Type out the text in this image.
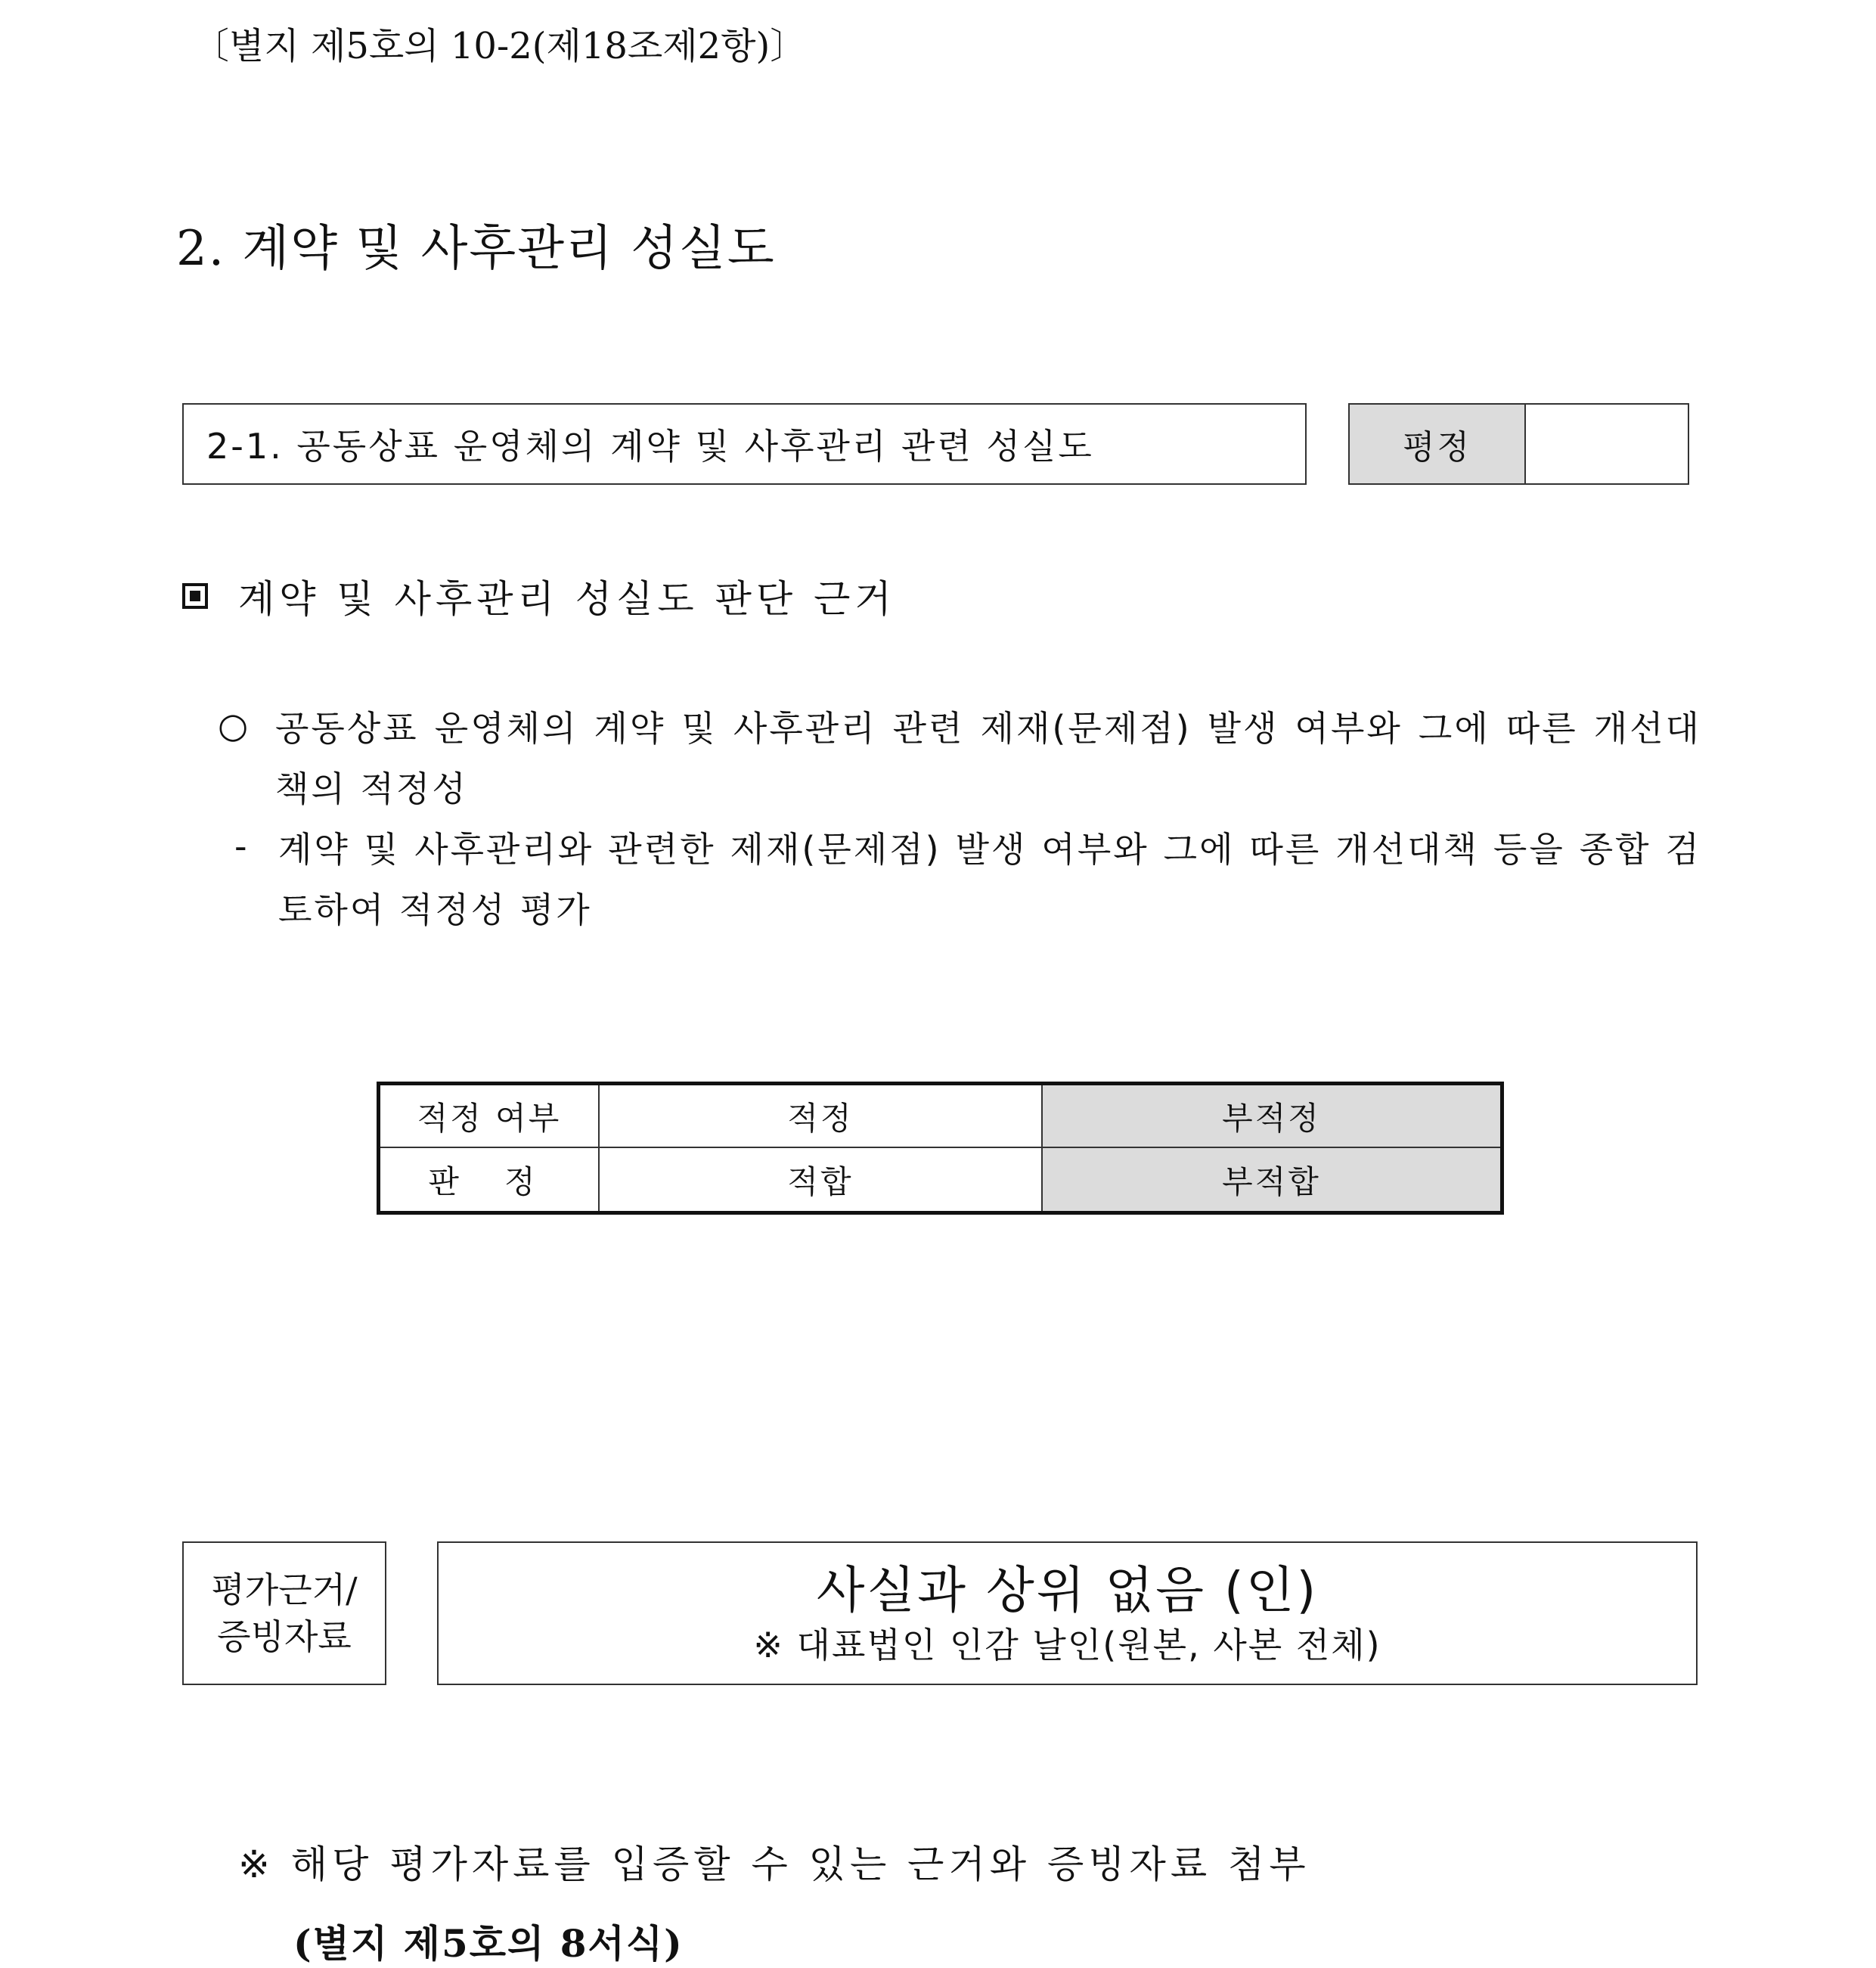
〔별지 제5호의 10-2(제18조제2항)〕
2. 계약 및 사후관리 성실도
2-1. 공동상표 운영체의 계약 및 사후관리 관련 성실도	평정
계약 및 사후관리 성실도 판단 근거
○ 공동상표 운영체의 계약 및 사후관리 관련 제재(문제점) 발생 여부와 그에 따른 개선대책의 적정성
- 계약 및 사후관리와 관련한 제재(문제점) 발생 여부와 그에 따른 개선대책 등을 종합 검토하여 적정성 평가
적정 여부	적정	부적정
판정	적합	부적합
평가근거/
증빙자료
사실과 상위 없음 (인)
※ 대표법인 인감 날인(원본, 사본 전체)
※ 해당 평가자료를 입증할 수 있는 근거와 증빙자료 첨부
(별지 제5호의 8서식)
